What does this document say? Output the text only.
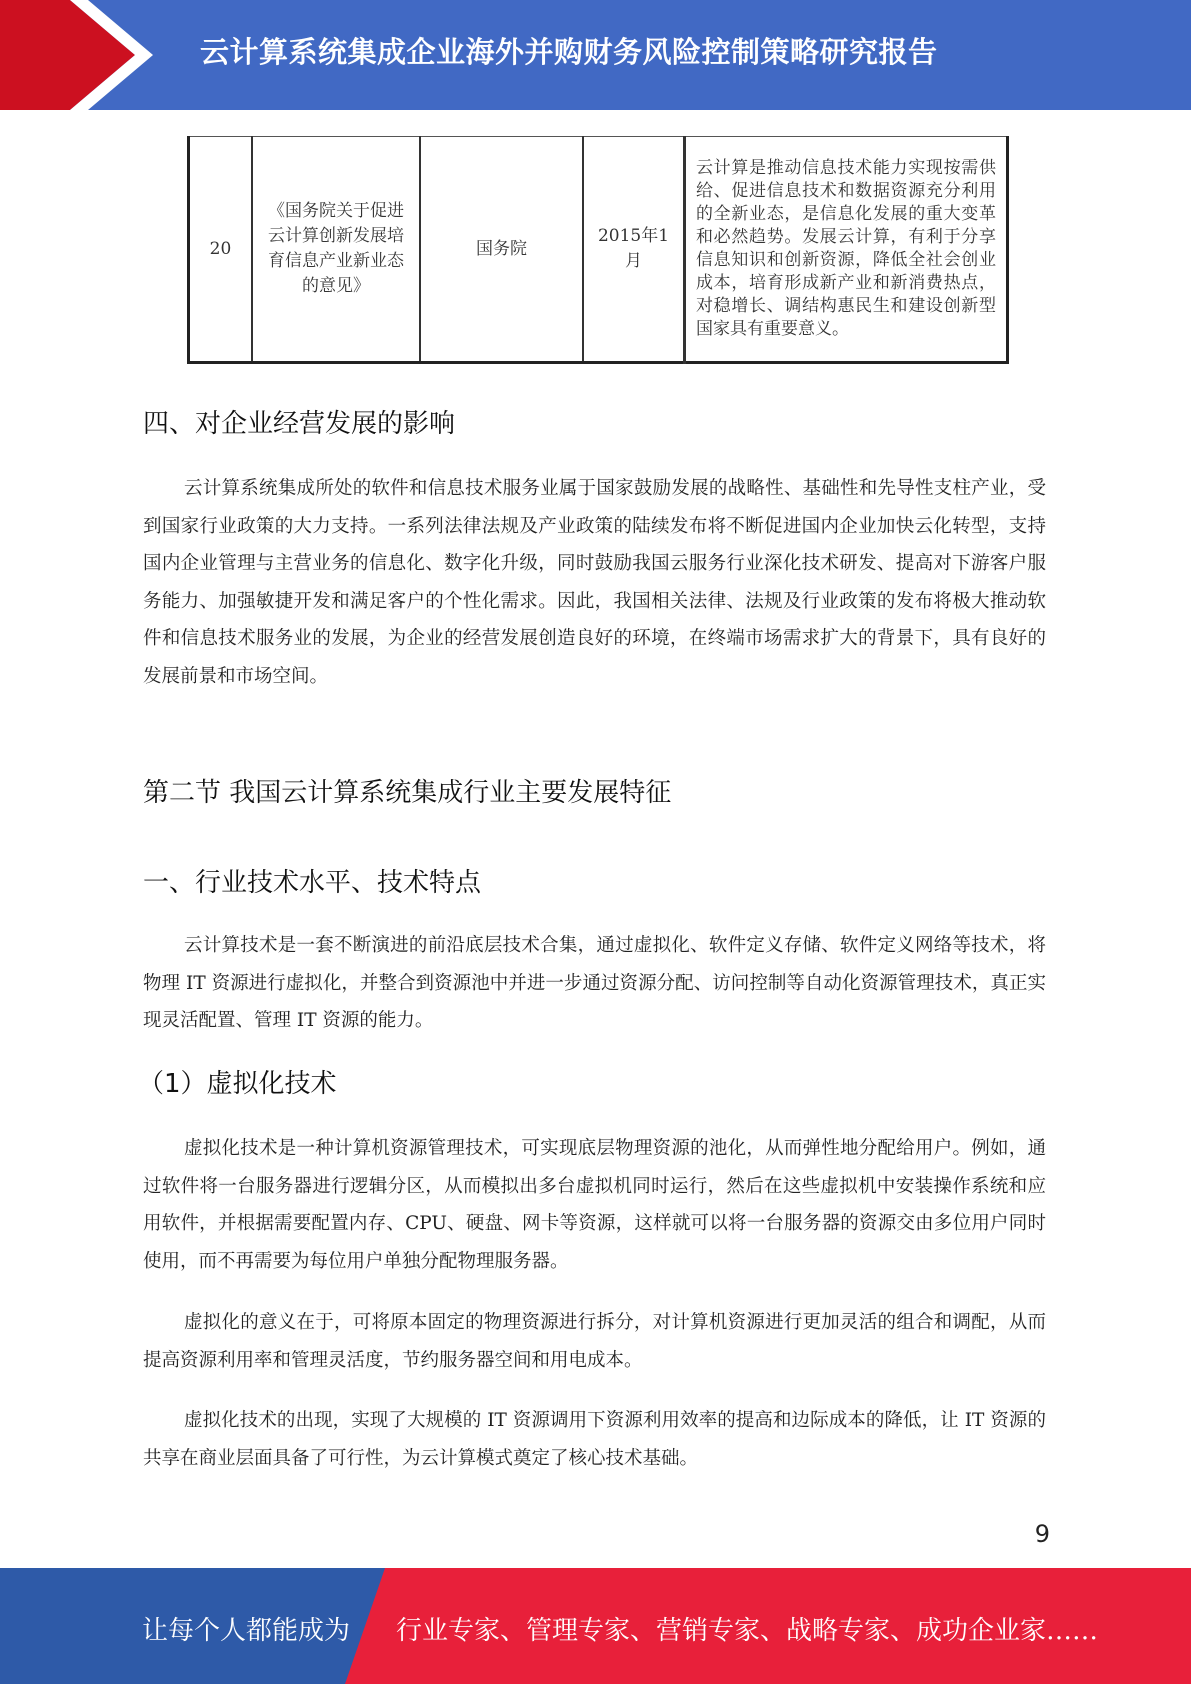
云计算系统集成企业海外并购财务风险控制策略研究报告
20	《国务院关于促进云计算创新发展培育信息产业新业态的意见》	国务院	2015年1月	云计算是推动信息技术能力实现按需供给、促进信息技术和数据资源充分利用的全新业态，是信息化发展的重大变革和必然趋势。发展云计算，有利于分享信息知识和创新资源，降低全社会创业成本，培育形成新产业和新消费热点，对稳增长、调结构惠民生和建设创新型国家具有重要意义。
四、对企业经营发展的影响

云计算系统集成所处的软件和信息技术服务业属于国家鼓励发展的战略性、基础性和先导性支柱产业，受到国家行业政策的大力支持。一系列法律法规及产业政策的陆续发布将不断促进国内企业加快云化转型，支持国内企业管理与主营业务的信息化、数字化升级，同时鼓励我国云服务行业深化技术研发、提高对下游客户服务能力、加强敏捷开发和满足客户的个性化需求。因此，我国相关法律、法规及行业政策的发布将极大推动软件和信息技术服务业的发展，为企业的经营发展创造良好的环境，在终端市场需求扩大的背景下，具有良好的发展前景和市场空间。

第二节 我国云计算系统集成行业主要发展特征
一、行业技术水平、技术特点

云计算技术是一套不断演进的前沿底层技术合集，通过虚拟化、软件定义存储、软件定义网络等技术，将物理 IT 资源进行虚拟化，并整合到资源池中并进一步通过资源分配、访问控制等自动化资源管理技术，真正实现灵活配置、管理 IT 资源的能力。

（1）虚拟化技术

虚拟化技术是一种计算机资源管理技术，可实现底层物理资源的池化，从而弹性地分配给用户。例如，通过软件将一台服务器进行逻辑分区，从而模拟出多台虚拟机同时运行，然后在这些虚拟机中安装操作系统和应用软件，并根据需要配置内存、CPU、硬盘、网卡等资源，这样就可以将一台服务器的资源交由多位用户同时使用，而不再需要为每位用户单独分配物理服务器。

虚拟化的意义在于，可将原本固定的物理资源进行拆分，对计算机资源进行更加灵活的组合和调配，从而提高资源利用率和管理灵活度，节约服务器空间和用电成本。

虚拟化技术的出现，实现了大规模的 IT 资源调用下资源利用效率的提高和边际成本的降低，让 IT 资源的共享在商业层面具备了可行性，为云计算模式奠定了核心技术基础。

9
让每个人都能成为 行业专家、管理专家、营销专家、战略专家、成功企业家……
